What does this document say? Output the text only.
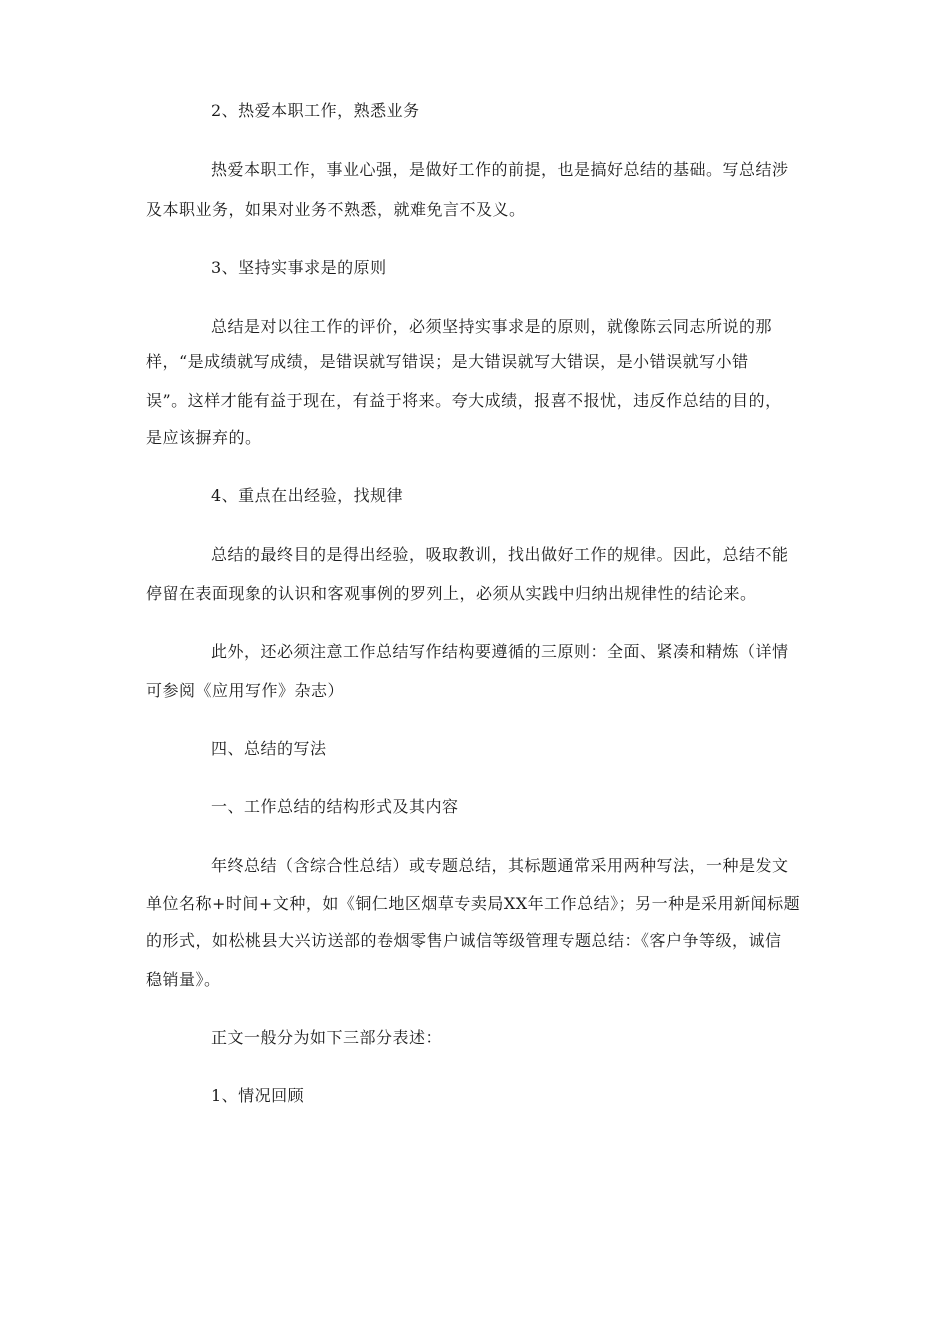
2、热爱本职工作，熟悉业务
热爱本职工作，事业心强，是做好工作的前提，也是搞好总结的基础。写总结涉
及本职业务，如果对业务不熟悉，就难免言不及义。
3、坚持实事求是的原则
总结是对以往工作的评价，必须坚持实事求是的原则，就像陈云同志所说的那
样，“是成绩就写成绩，是错误就写错误；是大错误就写大错误，是小错误就写小错
误”。这样才能有益于现在，有益于将来。夸大成绩，报喜不报忧，违反作总结的目的，
是应该摒弃的。
4、重点在出经验，找规律
总结的最终目的是得出经验，吸取教训，找出做好工作的规律。因此，总结不能
停留在表面现象的认识和客观事例的罗列上，必须从实践中归纳出规律性的结论来。
此外，还必须注意工作总结写作结构要遵循的三原则：全面、紧凑和精炼（详情
可参阅《应用写作》杂志）
四、总结的写法
一、工作总结的结构形式及其内容
年终总结（含综合性总结）或专题总结，其标题通常采用两种写法，一种是发文
单位名称+时间+文种，如《铜仁地区烟草专卖局XX年工作总结》；另一种是采用新闻标题
的形式，如松桃县大兴访送部的卷烟零售户诚信等级管理专题总结：《客户争等级，诚信
稳销量》。
正文一般分为如下三部分表述：
1、情况回顾
